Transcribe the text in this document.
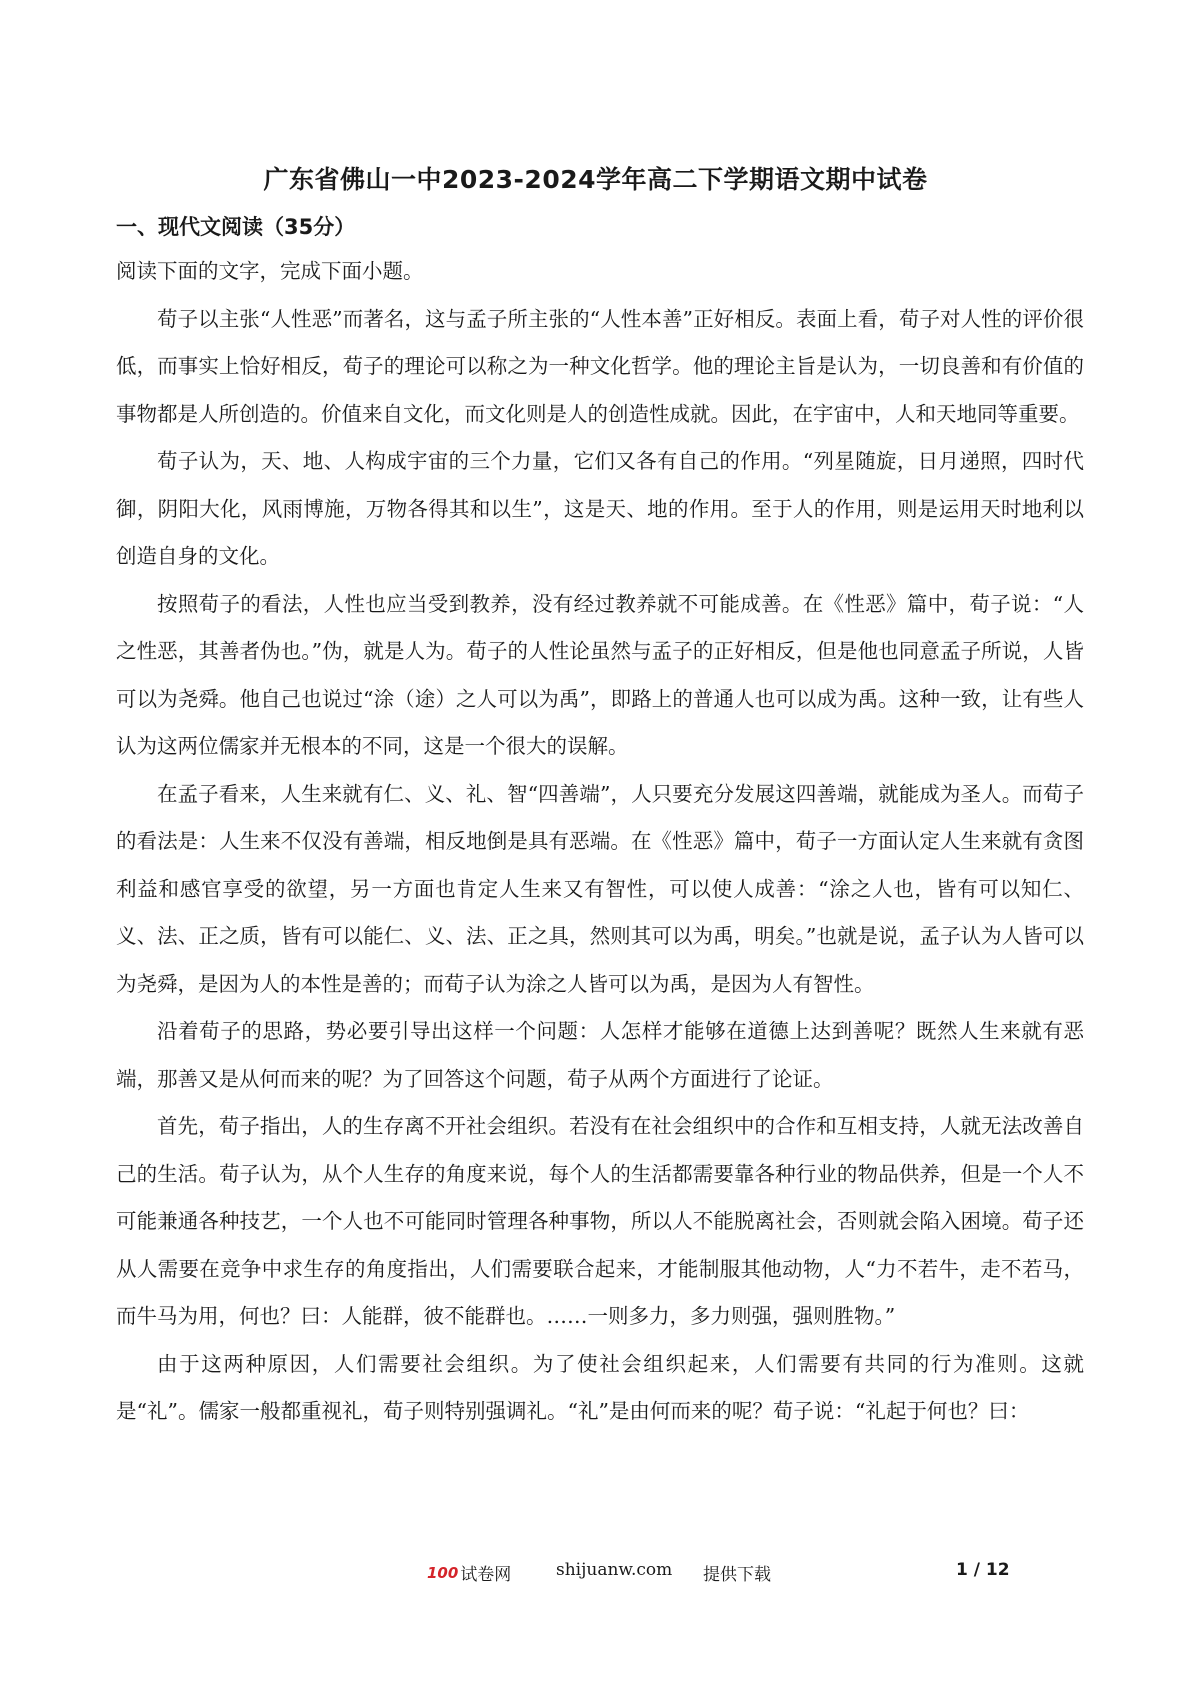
广东省佛山一中2023-2024学年高二下学期语文期中试卷
一、现代文阅读（35分）

阅读下面的文字，完成下面小题。

荀子以主张“人性恶”而著名，这与孟子所主张的“人性本善”正好相反。表面上看，荀子对人性的评价很低，而事实上恰好相反，荀子的理论可以称之为一种文化哲学。他的理论主旨是认为，一切良善和有价值的事物都是人所创造的。价值来自文化，而文化则是人的创造性成就。因此，在宇宙中，人和天地同等重要。

荀子认为，天、地、人构成宇宙的三个力量，它们又各有自己的作用。“列星随旋，日月递照，四时代御，阴阳大化，风雨博施，万物各得其和以生”，这是天、地的作用。至于人的作用，则是运用天时地利以创造自身的文化。

按照荀子的看法，人性也应当受到教养，没有经过教养就不可能成善。在《性恶》篇中，荀子说：“人之性恶，其善者伪也。”伪，就是人为。荀子的人性论虽然与孟子的正好相反，但是他也同意孟子所说，人皆可以为尧舜。他自己也说过“涂（途）之人可以为禹”，即路上的普通人也可以成为禹。这种一致，让有些人认为这两位儒家并无根本的不同，这是一个很大的误解。

在孟子看来，人生来就有仁、义、礼、智“四善端”，人只要充分发展这四善端，就能成为圣人。而荀子的看法是：人生来不仅没有善端，相反地倒是具有恶端。在《性恶》篇中，荀子一方面认定人生来就有贪图利益和感官享受的欲望，另一方面也肯定人生来又有智性，可以使人成善：“涂之人也，皆有可以知仁、义、法、正之质，皆有可以能仁、义、法、正之具，然则其可以为禹，明矣。”也就是说，孟子认为人皆可以为尧舜，是因为人的本性是善的；而荀子认为涂之人皆可以为禹，是因为人有智性。

沿着荀子的思路，势必要引导出这样一个问题：人怎样才能够在道德上达到善呢？既然人生来就有恶端，那善又是从何而来的呢？为了回答这个问题，荀子从两个方面进行了论证。

首先，荀子指出，人的生存离不开社会组织。若没有在社会组织中的合作和互相支持，人就无法改善自己的生活。荀子认为，从个人生存的角度来说，每个人的生活都需要靠各种行业的物品供养，但是一个人不可能兼通各种技艺，一个人也不可能同时管理各种事物，所以人不能脱离社会，否则就会陷入困境。荀子还从人需要在竞争中求生存的角度指出，人们需要联合起来，才能制服其他动物，人“力不若牛，走不若马，而牛马为用，何也？曰：人能群，彼不能群也。……一则多力，多力则强，强则胜物。”

由于这两种原因，人们需要社会组织。为了使社会组织起来，人们需要有共同的行为准则。这就是“礼”。儒家一般都重视礼，荀子则特别强调礼。“礼”是由何而来的呢？荀子说：“礼起于何也？曰：

100 试卷网	shijuanw.com 提供下载	1 / 12
